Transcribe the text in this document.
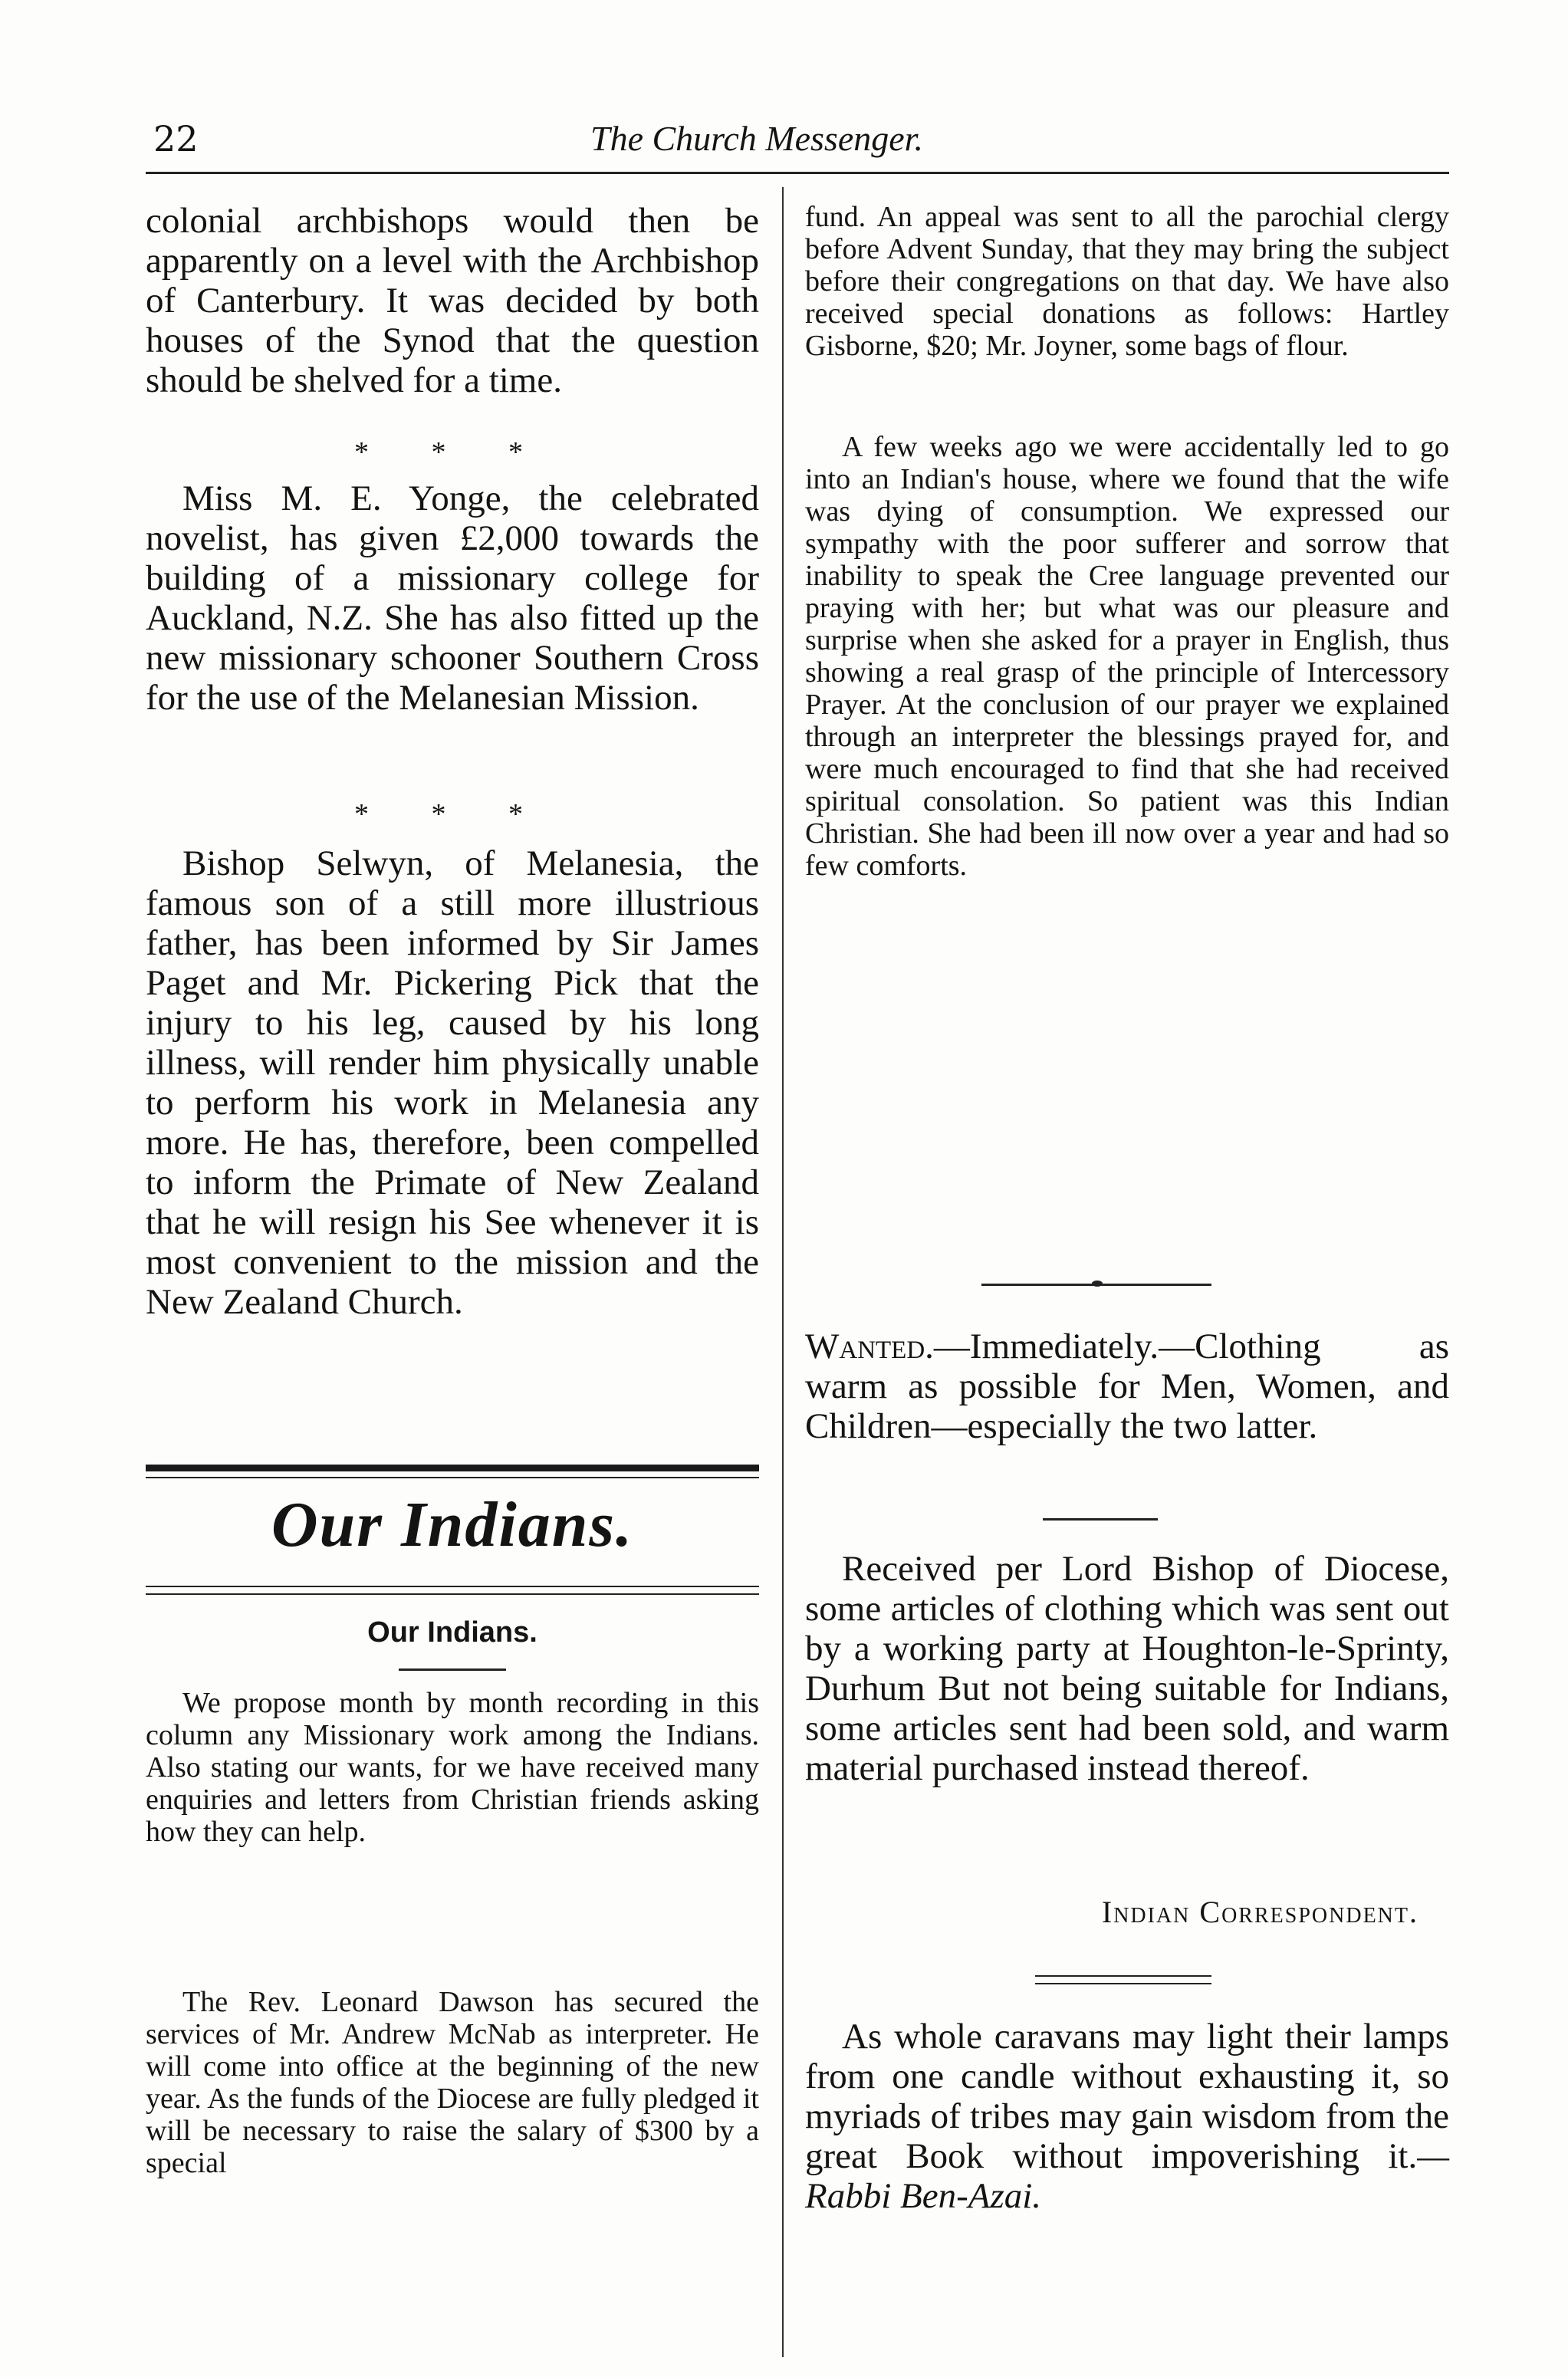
22	The Church Messenger.

colonial archbishops would then be apparently on a level with the Archbishop of Canterbury. It was decided by both houses of the Synod that the question should be shelved for a time.

* * *

Miss M. E. Yonge, the celebrated novelist, has given £2,000 towards the building of a missionary college for Auckland, N.Z. She has also fitted up the new missionary schooner Southern Cross for the use of the Melanesian Mission.

* * *

Bishop Selwyn, of Melanesia, the famous son of a still more illustrious father, has been informed by Sir James Paget and Mr. Pickering Pick that the injury to his leg, caused by his long illness, will render him physically unable to perform his work in Melanesia any more. He has, therefore, been compelled to inform the Primate of New Zealand that he will resign his See whenever it is most convenient to the mission and the New Zealand Church.

Our Indians.
Our Indians.

We propose month by month recording in this column any Missionary work among the Indians. Also stating our wants, for we have received many enquiries and letters from Christian friends asking how they can help.

The Rev. Leonard Dawson has secured the services of Mr. Andrew McNab as interpreter. He will come into office at the beginning of the new year. As the funds of the Diocese are fully pledged it will be necessary to raise the salary of $300 by a special

fund. An appeal was sent to all the parochial clergy before Advent Sunday, that they may bring the subject before their congregations on that day. We have also received special donations as follows: Hartley Gisborne, $20; Mr. Joyner, some bags of flour.

A few weeks ago we were accidentally led to go into an Indian's house, where we found that the wife was dying of consumption. We expressed our sympathy with the poor sufferer and sorrow that inability to speak the Cree language prevented our praying with her; but what was our pleasure and surprise when she asked for a prayer in English, thus showing a real grasp of the principle of Intercessory Prayer. At the conclusion of our prayer we explained through an interpreter the blessings prayed for, and were much encouraged to find that she had received spiritual consolation. So patient was this Indian Christian. She had been ill now over a year and had so few comforts.

Wanted.—Immediately.—Clothing as warm as possible for Men, Women, and Children—especially the two latter.

Received per Lord Bishop of Diocese, some articles of clothing which was sent out by a working party at Houghton-le-Sprinty, Durhum But not being suitable for Indians, some articles sent had been sold, and warm material purchased instead thereof.

Indian Correspondent.

As whole caravans may light their lamps from one candle without exhausting it, so myriads of tribes may gain wisdom from the great Book without impoverishing it.—Rabbi Ben-Azai.
